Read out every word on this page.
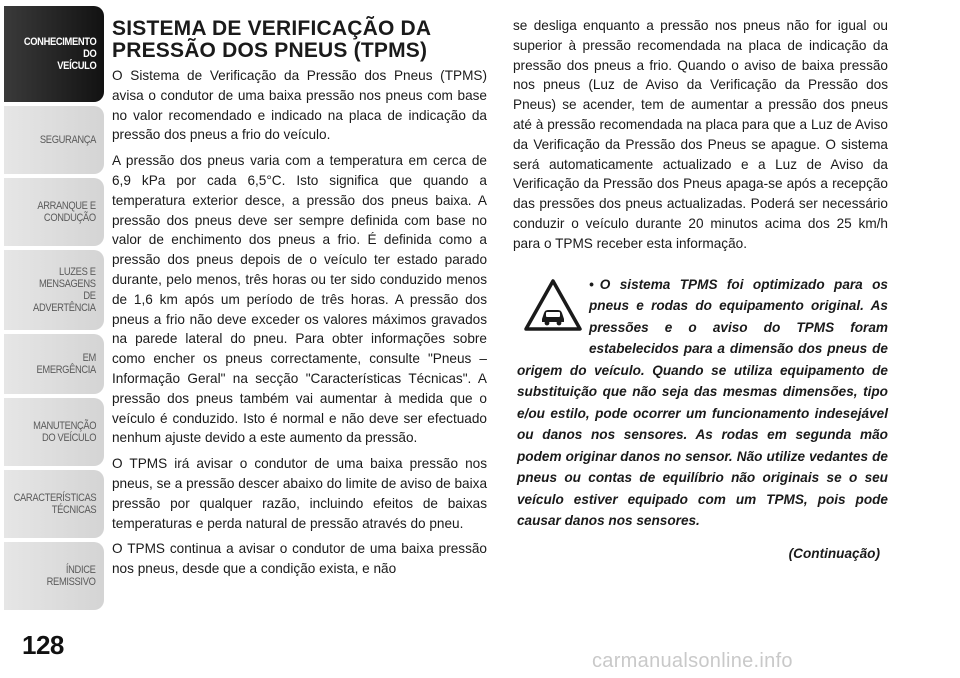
CONHECIMENTO
DO
VEÍCULO
SEGURANÇA
ARRANQUE E
CONDUÇÃO
LUZES E
MENSAGENS
DE
ADVERTÊNCIA
EM
EMERGÊNCIA
MANUTENÇÃO
DO VEÍCULO
CARACTERÍSTICAS
TÉCNICAS
ÍNDICE
REMISSIVO
128
SISTEMA DE VERIFICAÇÃO DA
PRESSÃO DOS PNEUS (TPMS)

O Sistema de Verificação da Pressão dos Pneus (TPMS) avisa o condutor de uma baixa pressão nos pneus com base no valor recomendado e indicado na placa de indicação da pressão dos pneus a frio do veículo.

A pressão dos pneus varia com a temperatura em cerca de 6,9 kPa por cada 6,5°C. Isto significa que quando a temperatura exterior desce, a pressão dos pneus baixa. A pressão dos pneus deve ser sempre definida com base no valor de enchimento dos pneus a frio. É definida como a pressão dos pneus depois de o veículo ter estado parado durante, pelo menos, três horas ou ter sido conduzido menos de 1,6 km após um período de três horas. A pressão dos pneus a frio não deve exceder os valores máximos gravados na parede lateral do pneu. Para obter informações sobre como encher os pneus correctamente, consulte "Pneus – Informação Geral" na secção "Características Técnicas". A pressão dos pneus também vai aumentar à medida que o veículo é conduzido. Isto é normal e não deve ser efectuado nenhum ajuste devido a este aumento da pressão.

O TPMS irá avisar o condutor de uma baixa pressão nos pneus, se a pressão descer abaixo do limite de aviso de baixa pressão por qualquer razão, incluindo efeitos de baixas temperaturas e perda natural de pressão através do pneu.

O TPMS continua a avisar o condutor de uma baixa pressão nos pneus, desde que a condição exista, e não

se desliga enquanto a pressão nos pneus não for igual ou superior à pressão recomendada na placa de indicação da pressão dos pneus a frio. Quando o aviso de baixa pressão nos pneus (Luz de Aviso da Verificação da Pressão dos Pneus) se acender, tem de aumentar a pressão dos pneus até à pressão recomendada na placa para que a Luz de Aviso da Verificação da Pressão dos Pneus se apague. O sistema será automaticamente actualizado e a Luz de Aviso da Verificação da Pressão dos Pneus apaga-se após a recepção das pressões dos pneus actualizadas. Poderá ser necessário conduzir o veículo durante 20 minutos acima dos 25 km/h para o TPMS receber esta informação.

• O sistema TPMS foi optimizado para os pneus e rodas do equipamento original. As pressões e o aviso do TPMS foram estabelecidos para a dimensão dos pneus de origem do veículo. Quando se utiliza equipamento de substituição que não seja das mesmas dimensões, tipo e/ou estilo, pode ocorrer um funcionamento indesejável ou danos nos sensores. As rodas em segunda mão podem originar danos no sensor. Não utilize vedantes de pneus ou contas de equilíbrio não originais se o seu veículo estiver equipado com um TPMS, pois pode causar danos nos sensores.

(Continuação)
carmanualsonline.info
